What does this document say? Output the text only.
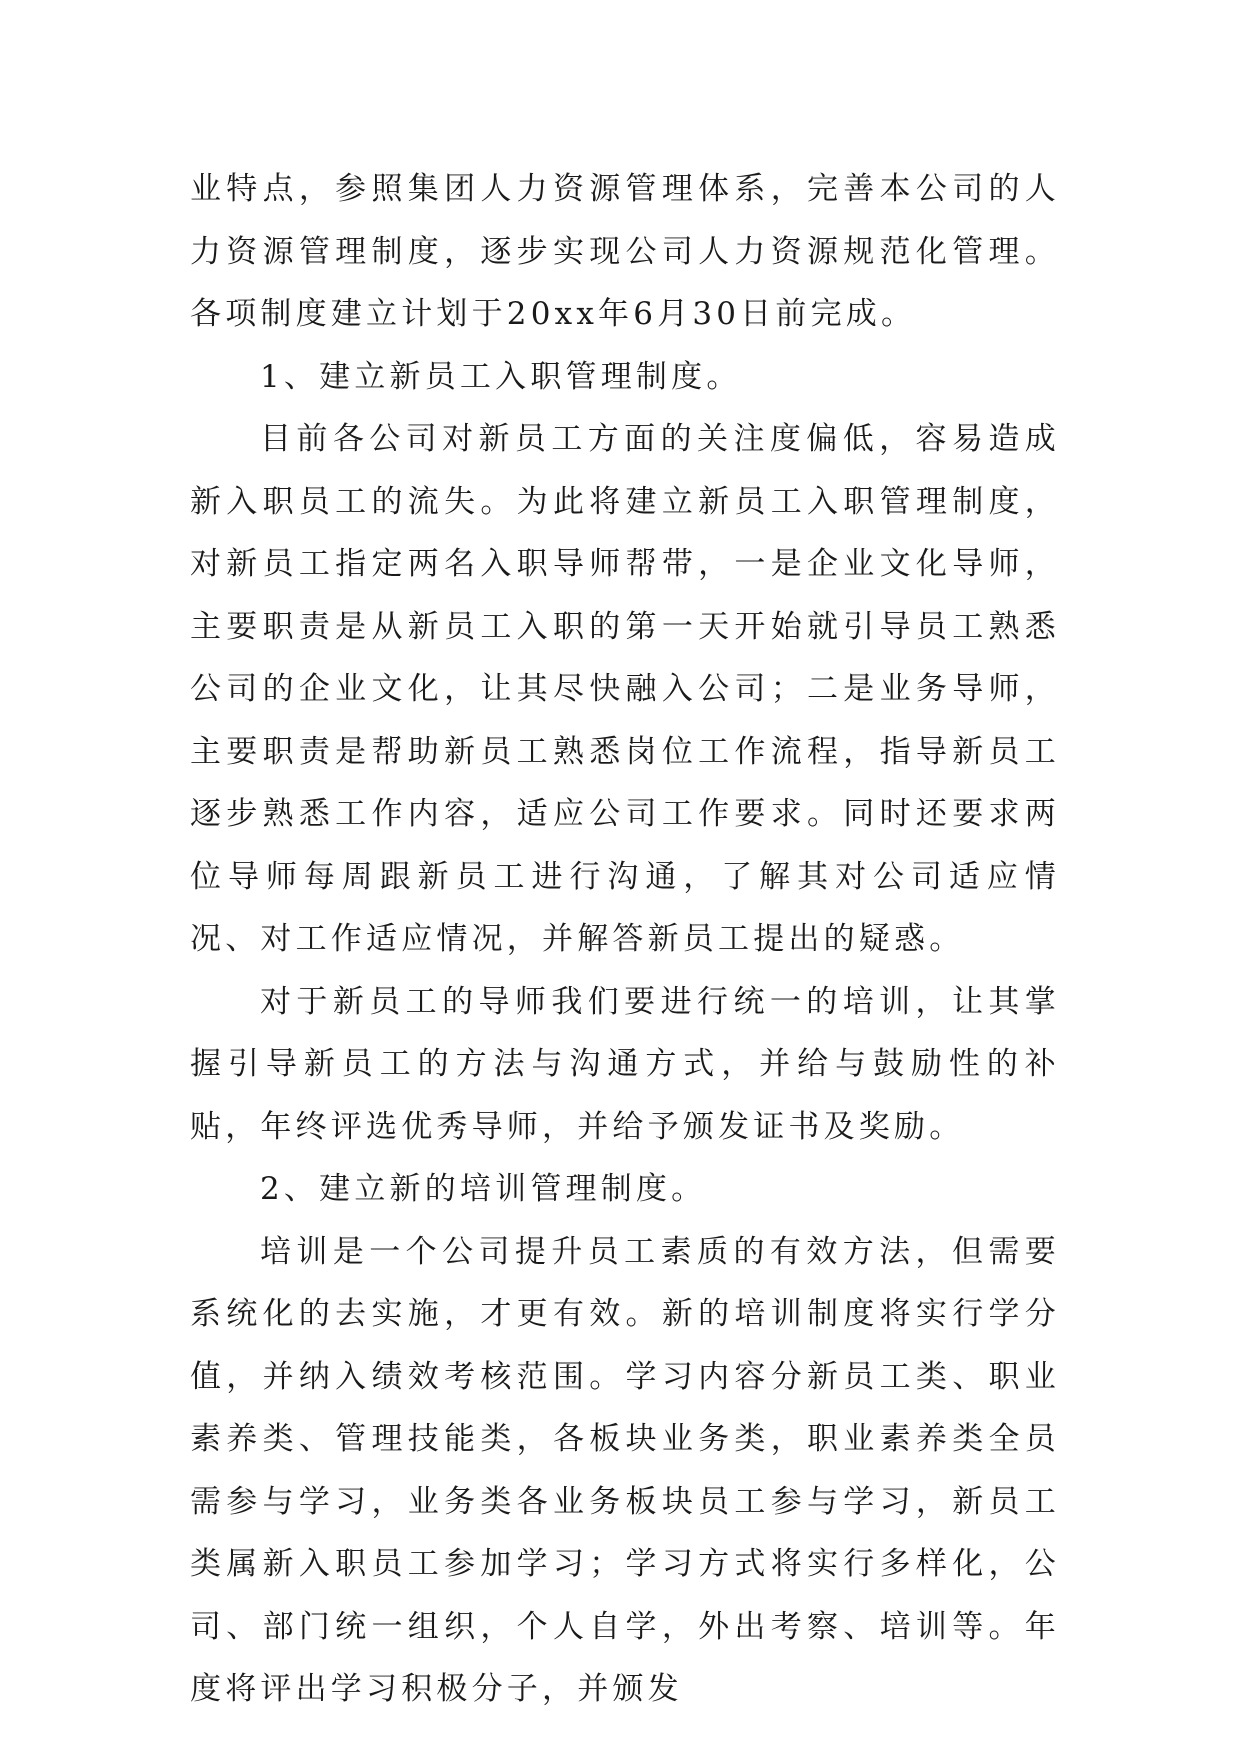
业特点，参照集团人力资源管理体系，完善本公司的人力资源管理制度，逐步实现公司人力资源规范化管理。各项制度建立计划于20xx年6月30日前完成。

1、建立新员工入职管理制度。

目前各公司对新员工方面的关注度偏低，容易造成新入职员工的流失。为此将建立新员工入职管理制度，对新员工指定两名入职导师帮带，一是企业文化导师，主要职责是从新员工入职的第一天开始就引导员工熟悉公司的企业文化，让其尽快融入公司；二是业务导师，主要职责是帮助新员工熟悉岗位工作流程，指导新员工逐步熟悉工作内容，适应公司工作要求。同时还要求两位导师每周跟新员工进行沟通，了解其对公司适应情况、对工作适应情况，并解答新员工提出的疑惑。

对于新员工的导师我们要进行统一的培训，让其掌握引导新员工的方法与沟通方式，并给与鼓励性的补贴，年终评选优秀导师，并给予颁发证书及奖励。

2、建立新的培训管理制度。

培训是一个公司提升员工素质的有效方法，但需要系统化的去实施，才更有效。新的培训制度将实行学分值，并纳入绩效考核范围。学习内容分新员工类、职业素养类、管理技能类，各板块业务类，职业素养类全员需参与学习，业务类各业务板块员工参与学习，新员工类属新入职员工参加学习；学习方式将实行多样化，公司、部门统一组织，个人自学，外出考察、培训等。年度将评出学习积极分子，并颁发
